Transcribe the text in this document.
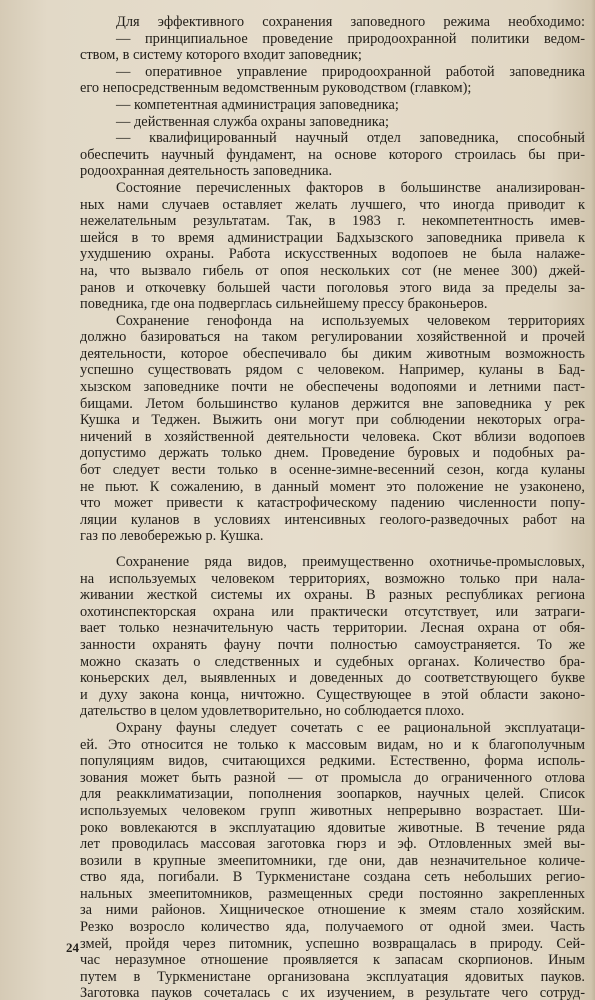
Для эффективного сохранения заповедного режима необходимо:
— принципиальное проведение природоохранной политики ведом-
ством, в систему которого входит заповедник;
— оперативное управление природоохранной работой заповедника
его непосредственным ведомственным руководством (главком);
— компетентная администрация заповедника;
— действенная служба охраны заповедника;
— квалифицированный научный отдел заповедника, способный
обеспечить научный фундамент, на основе которого строилась бы при-
родоохранная деятельность заповедника.
Состояние перечисленных факторов в большинстве анализирован-
ных нами случаев оставляет желать лучшего, что иногда приводит к
нежелательным результатам. Так, в 1983 г. некомпетентность имев-
шейся в то время администрации Бадхызского заповедника привела к
ухудшению охраны. Работа искусственных водопоев не была налаже-
на, что вызвало гибель от опоя нескольких сот (не менее 300) джей-
ранов и откочевку большей части поголовья этого вида за пределы за-
поведника, где она подверглась сильнейшему прессу браконьеров.
Сохранение генофонда на используемых человеком территориях
должно базироваться на таком регулировании хозяйственной и прочей
деятельности, которое обеспечивало бы диким животным возможность
успешно существовать рядом с человеком. Например, куланы в Бад-
хызском заповеднике почти не обеспечены водопоями и летними паст-
бищами. Летом большинство куланов держится вне заповедника у рек
Кушка и Теджен. Выжить они могут при соблюдении некоторых огра-
ничений в хозяйственной деятельности человека. Скот вблизи водопоев
допустимо держать только днем. Проведение буровых и подобных ра-
бот следует вести только в осенне-зимне-весенний сезон, когда куланы
не пьют. К сожалению, в данный момент это положение не узаконено,
что может привести к катастрофическому падению численности попу-
ляции куланов в условиях интенсивных геолого-разведочных работ на
газ по левобережью р. Кушка.
Сохранение ряда видов, преимущественно охотничье-промысловых,
на используемых человеком территориях, возможно только при нала-
живании жесткой системы их охраны. В разных республиках региона
охотинспекторская охрана или практически отсутствует, или затраги-
вает только незначительную часть территории. Лесная охрана от обя-
занности охранять фауну почти полностью самоустраняется. То же
можно сказать о следственных и судебных органах. Количество бра-
коньерских дел, выявленных и доведенных до соответствующего букве
и духу закона конца, ничтожно. Существующее в этой области законо-
дательство в целом удовлетворительно, но соблюдается плохо.
Охрану фауны следует сочетать с ее рациональной эксплуатаци-
ей. Это относится не только к массовым видам, но и к благополучным
популяциям видов, считающихся редкими. Естественно, форма исполь-
зования может быть разной — от промысла до ограниченного отлова
для реакклиматизации, пополнения зоопарков, научных целей. Список
используемых человеком групп животных непрерывно возрастает. Ши-
роко вовлекаются в эксплуатацию ядовитые животные. В течение ряда
лет проводилась массовая заготовка гюрз и эф. Отловленных змей вы-
возили в крупные змеепитомники, где они, дав незначительное количе-
ство яда, погибали. В Туркменистане создана сеть небольших регио-
нальных змеепитомников, размещенных среди постоянно закрепленных
за ними районов. Хищническое отношение к змеям стало хозяйским.
Резко возросло количество яда, получаемого от одной змеи. Часть
змей, пройдя через питомник, успешно возвращалась в природу. Сей-
час неразумное отношение проявляется к запасам скорпионов. Иным
путем в Туркменистане организована эксплуатация ядовитых пауков.
Заготовка пауков сочеталась с их изучением, в результате чего сотруд-
24
